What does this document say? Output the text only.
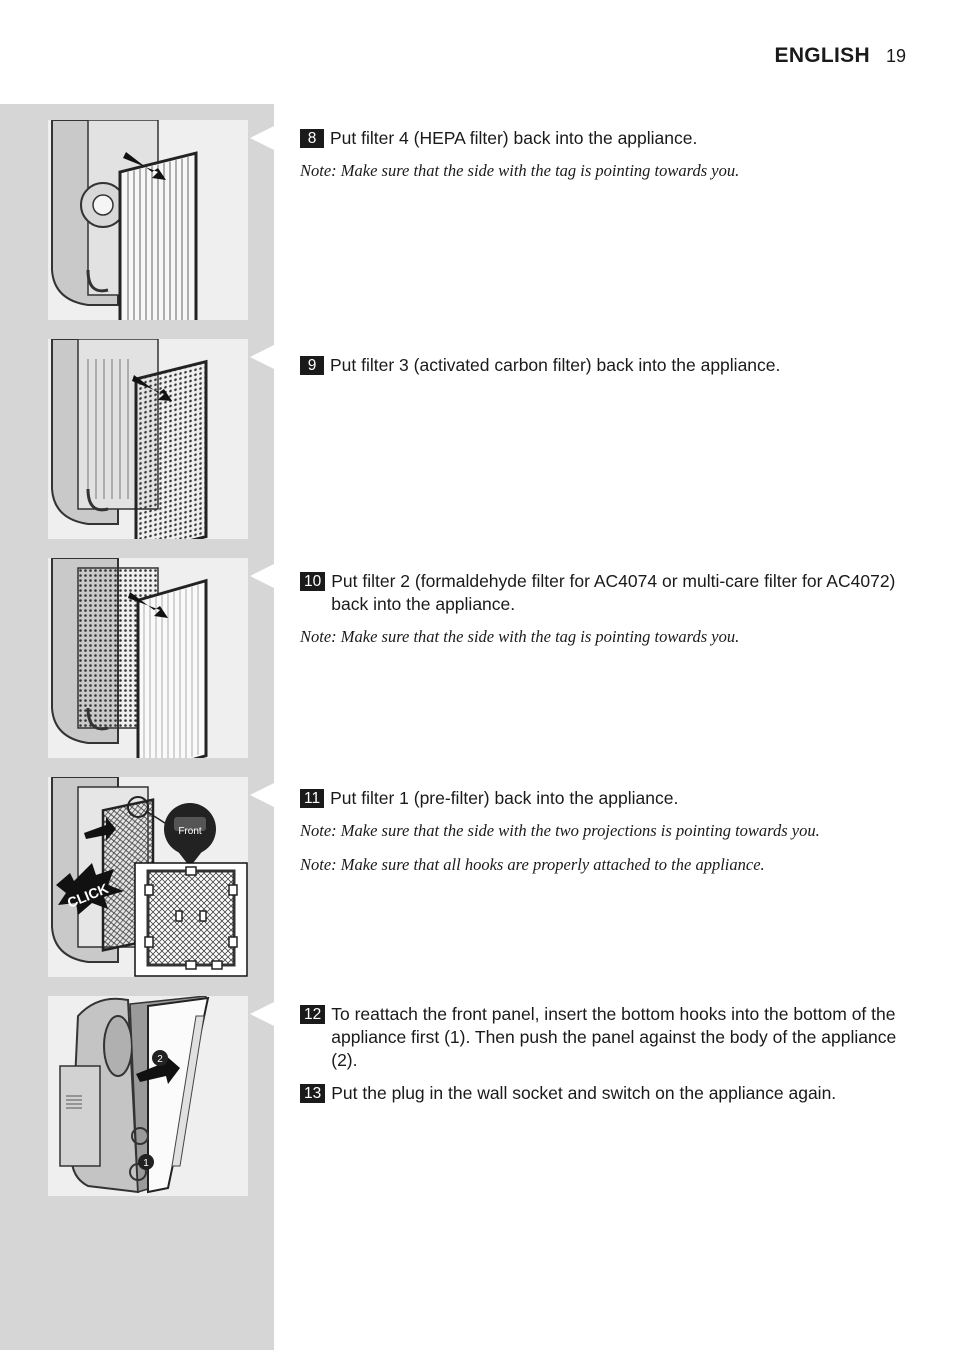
ENGLISH 19
CLICK
Front
2
1
8 Put filter 4 (HEPA filter) back into the appliance.
Note: Make sure that the side with the tag is pointing towards you.
9 Put filter 3 (activated carbon filter) back into the appliance.
10 Put filter 2 (formaldehyde filter for AC4074 or multi-care filter for AC4072) back into the appliance.
Note: Make sure that the side with the tag is pointing towards you.
11 Put filter 1 (pre-filter) back into the appliance.
Note: Make sure that the side with the two projections is pointing towards you.
Note: Make sure that all hooks are properly attached to the appliance.
12 To reattach the front panel, insert the bottom hooks into the bottom of the appliance first (1). Then push the panel against the body of the appliance (2).
13 Put the plug in the wall socket and switch on the appliance again.
